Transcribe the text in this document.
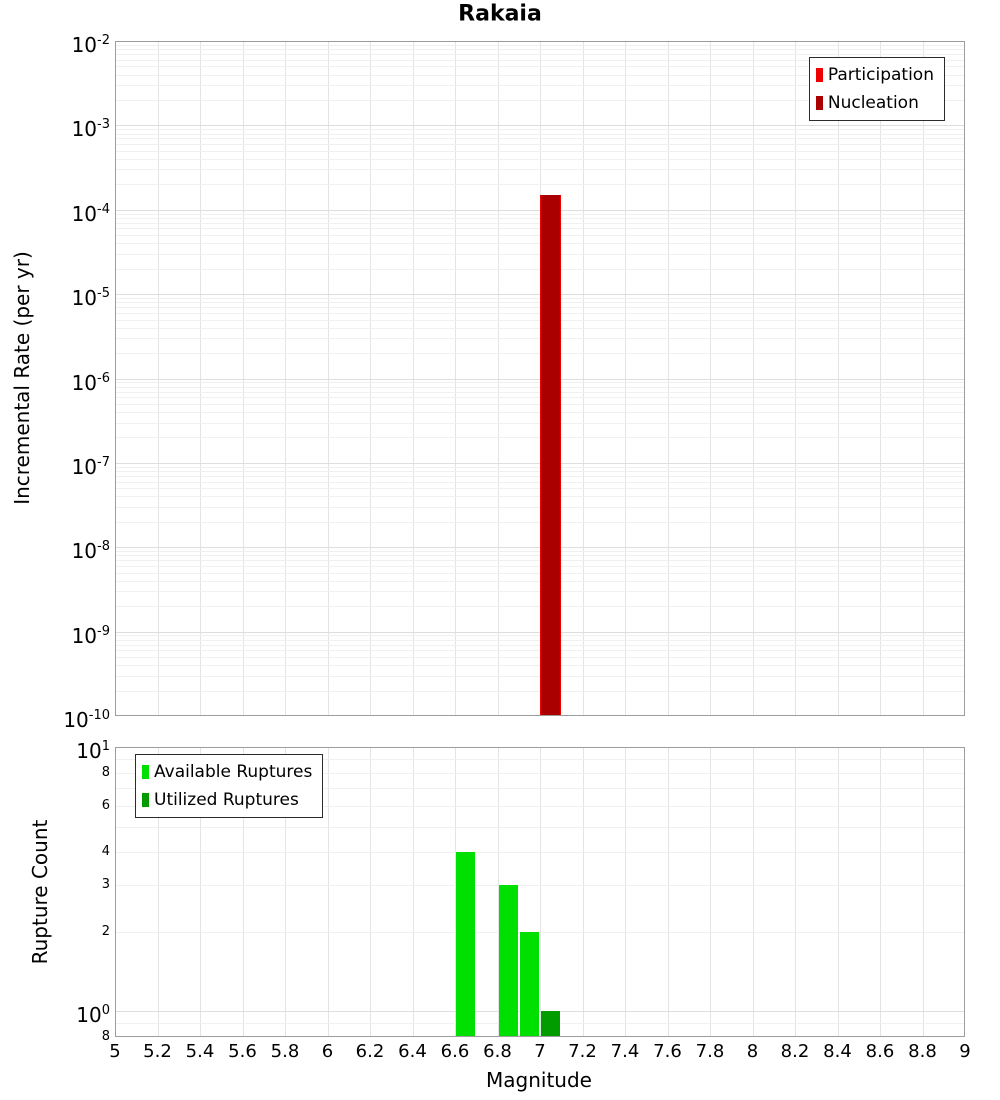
Rakaia
Incremental Rate (per yr)
Rupture Count
Magnitude
Participation
Nucleation
Available Ruptures
Utilized Ruptures
$10^{-2}$
$10^{-3}$
$10^{-4}$
$10^{-5}$
$10^{-6}$
$10^{-7}$
$10^{-8}$
$10^{-9}$
$10^{-10}$
$10^1$
8
6
4
3
2
$10^0$
8
5	5.2 5.4 5.6 5.8	6	6.2 6.4 6.6 6.8	7	7.2 7.4 7.6 7.8	8	8.2 8.4 8.6 8.8	9
